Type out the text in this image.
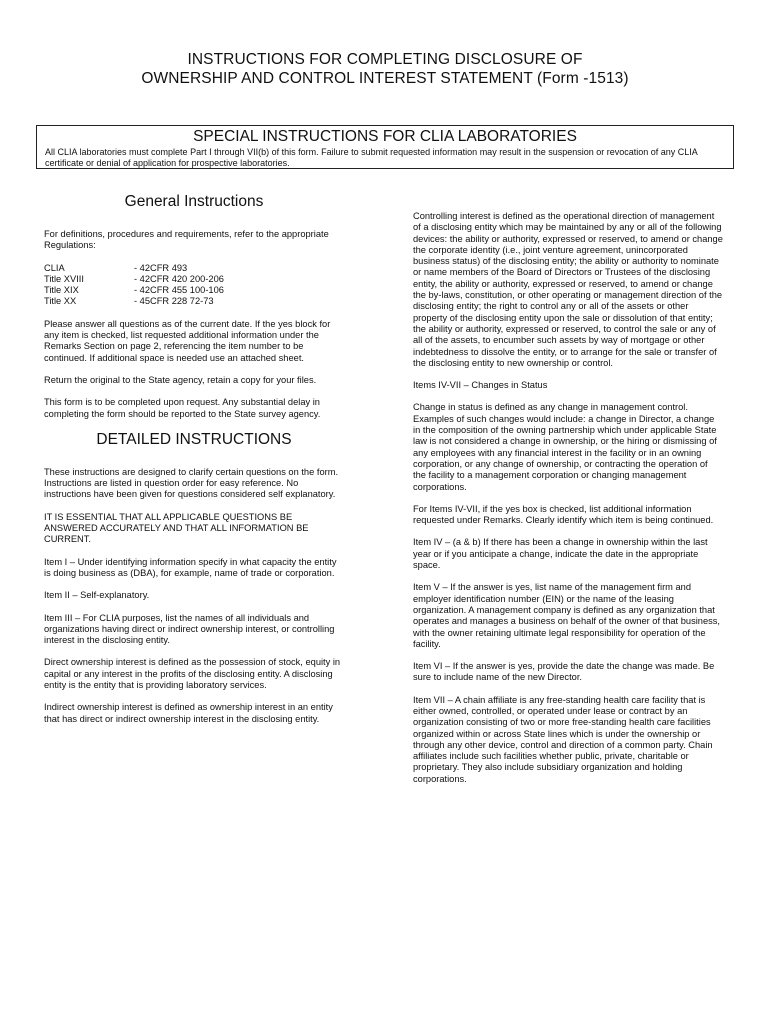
INSTRUCTIONS FOR COMPLETING DISCLOSURE OF
OWNERSHIP AND CONTROL INTEREST STATEMENT (Form -1513)
SPECIAL INSTRUCTIONS FOR CLIA LABORATORIES
All CLIA laboratories must complete Part I through VII(b) of this form. Failure to submit requested information may result in the suspension or revocation of any CLIA certificate or denial of application for prospective laboratories.
General Instructions

For definitions, procedures and requirements, refer to the appropriate Regulations:

CLIA	- 42CFR 493
Title XVIII	- 42CFR 420 200-206
Title XIX	- 42CFR 455 100-106
Title XX	- 45CFR 228 72-73

Please answer all questions as of the current date. If the yes block for any item is checked, list requested additional information under the Remarks Section on page 2, referencing the item number to be continued. If additional space is needed use an attached sheet.

Return the original to the State agency, retain a copy for your files.

This form is to be completed upon request. Any substantial delay in completing the form should be reported to the State survey agency.

DETAILED INSTRUCTIONS

These instructions are designed to clarify certain questions on the form. Instructions are listed in question order for easy reference. No instructions have been given for questions considered self explanatory.

IT IS ESSENTIAL THAT ALL APPLICABLE QUESTIONS BE ANSWERED ACCURATELY AND THAT ALL INFORMATION BE CURRENT.

Item I – Under identifying information specify in what capacity the entity is doing business as (DBA), for example, name of trade or corporation.

Item II – Self-explanatory.

Item III – For CLIA purposes, list the names of all individuals and organizations having direct or indirect ownership interest, or controlling interest in the disclosing entity.

Direct ownership interest is defined as the possession of stock, equity in capital or any interest in the profits of the disclosing entity. A disclosing entity is the entity that is providing laboratory services.

Indirect ownership interest is defined as ownership interest in an entity that has direct or indirect ownership interest in the disclosing entity.

Controlling interest is defined as the operational direction of management of a disclosing entity which may be maintained by any or all of the following devices: the ability or authority, expressed or reserved, to amend or change the corporate identity (i.e., joint venture agreement, unincorporated business status) of the disclosing entity; the ability or authority to nominate or name members of the Board of Directors or Trustees of the disclosing entity, the ability or authority, expressed or reserved, to amend or change the by-laws, constitution, or other operating or management direction of the disclosing entity; the right to control any or all of the assets or other property of the disclosing entity upon the sale or dissolution of that entity; the ability or authority, expressed or reserved, to control the sale or any of all of the assets, to encumber such assets by way of mortgage or other indebtedness to dissolve the entity, or to arrange for the sale or transfer of the disclosing entity to new ownership or control.

Items IV-VII – Changes in Status

Change in status is defined as any change in management control. Examples of such changes would include: a change in Director, a change in the composition of the owning partnership which under applicable State law is not considered a change in ownership, or the hiring or dismissing of any employees with any financial interest in the facility or in an owning corporation, or any change of ownership, or contracting the operation of the facility to a management corporation or changing management corporations.

For Items IV-VII, if the yes box is checked, list additional information requested under Remarks. Clearly identify which item is being continued.

Item IV – (a & b) If there has been a change in ownership within the last year or if you anticipate a change, indicate the date in the appropriate space.

Item V – If the answer is yes, list name of the management firm and employer identification number (EIN) or the name of the leasing organization. A management company is defined as any organization that operates and manages a business on behalf of the owner of that business, with the owner retaining ultimate legal responsibility for operation of the facility.

Item VI – If the answer is yes, provide the date the change was made. Be sure to include name of the new Director.

Item VII – A chain affiliate is any free-standing health care facility that is either owned, controlled, or operated under lease or contract by an organization consisting of two or more free-standing health care facilities organized within or across State lines which is under the ownership or through any other device, control and direction of a common party. Chain affiliates include such facilities whether public, private, charitable or proprietary. They also include subsidiary organization and holding corporations.
